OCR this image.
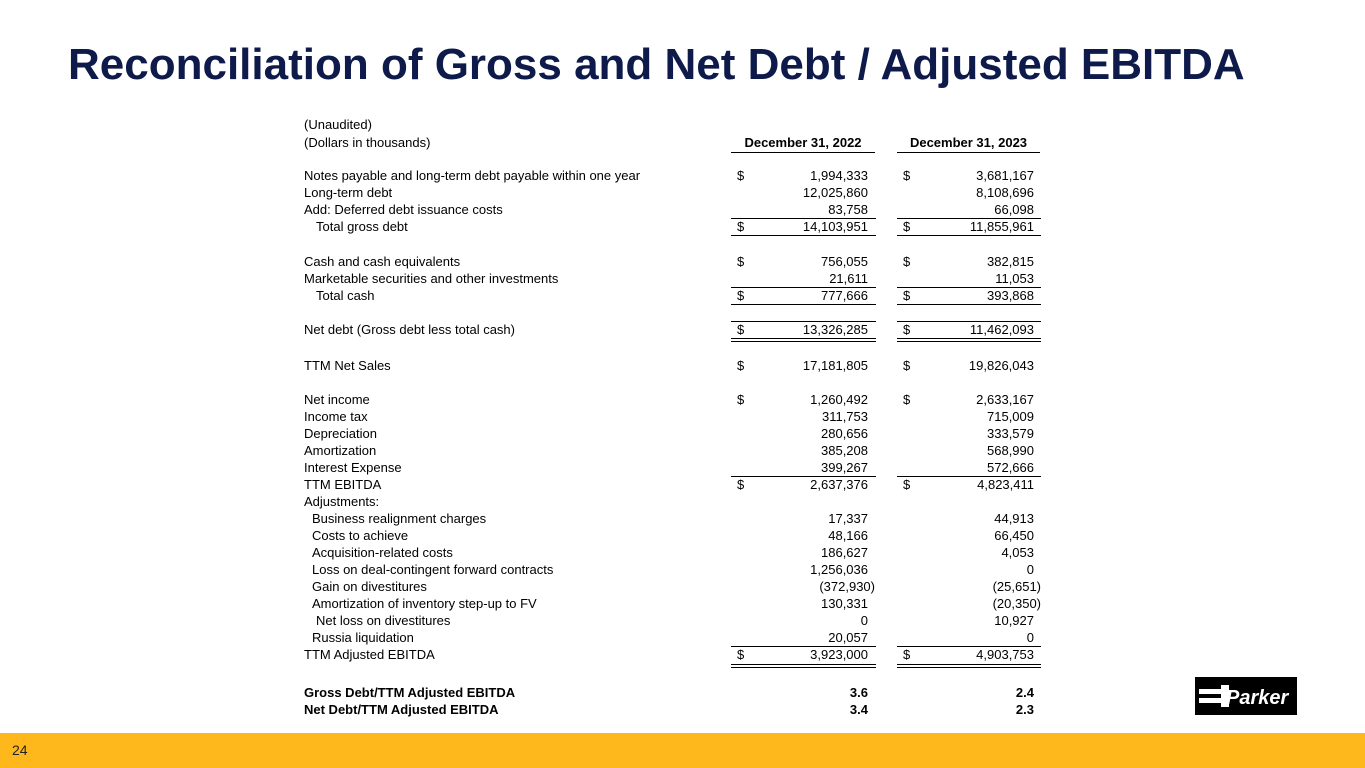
Reconciliation of Gross and Net Debt / Adjusted EBITDA
(Unaudited)
(Dollars in thousands)	December 31, 2022	December 31, 2023
Notes payable and long-term debt payable within one year	$	1,994,333	$	3,681,167
Long-term debt	12,025,860	8,108,696
Add: Deferred debt issuance costs	83,758	66,098
Total gross debt	$	14,103,951	$	11,855,961
Cash and cash equivalents	$	756,055	$	382,815
Marketable securities and other investments	21,611	11,053
Total cash	$	777,666	$	393,868
Net debt (Gross debt less total cash)	$	13,326,285	$	11,462,093
TTM Net Sales	$	17,181,805	$	19,826,043
Net income	$	1,260,492	$	2,633,167
Income tax	311,753	715,009
Depreciation	280,656	333,579
Amortization	385,208	568,990
Interest Expense	399,267	572,666
TTM EBITDA	$	2,637,376	$	4,823,411
Adjustments:
Business realignment charges	17,337	44,913
Costs to achieve	48,166	66,450
Acquisition-related costs	186,627	4,053
Loss on deal-contingent forward contracts	1,256,036	0
Gain on divestitures	(372,930)	(25,651)
Amortization of inventory step-up to FV	130,331	(20,350)
Net loss on divestitures	0	10,927
Russia liquidation	20,057	0
TTM Adjusted EBITDA	$	3,923,000	$	4,903,753
Gross Debt/TTM Adjusted EBITDA	3.6	2.4
Net Debt/TTM Adjusted EBITDA	3.4	2.3
Parker
24
